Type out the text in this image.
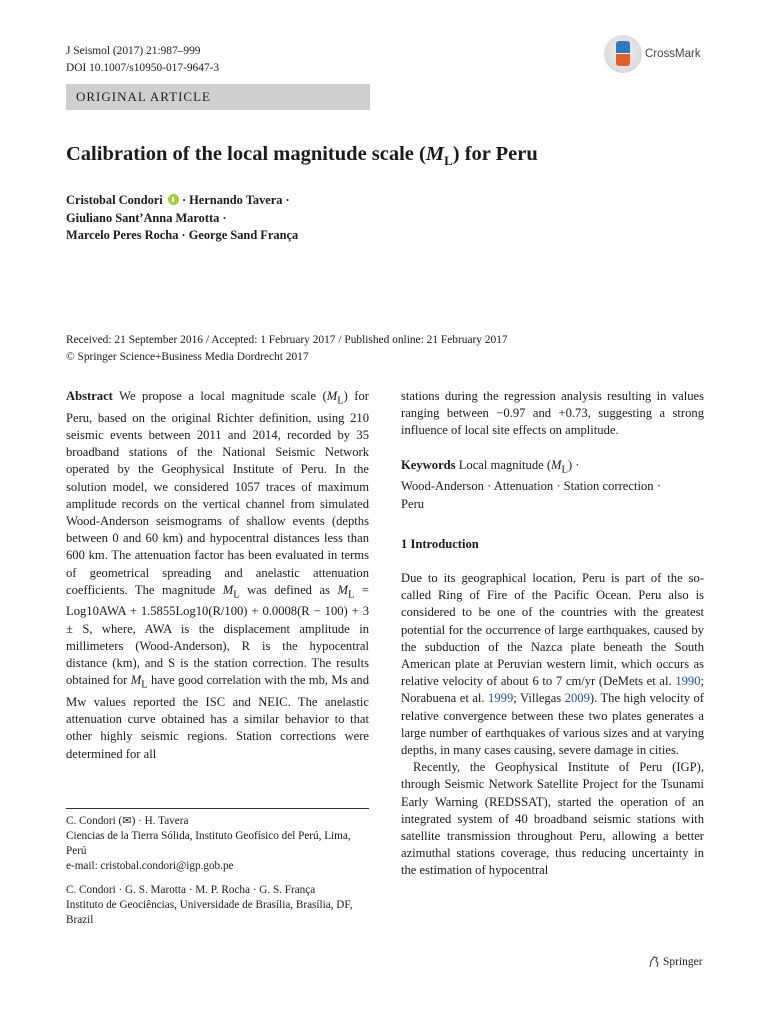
J Seismol (2017) 21:987–999
DOI 10.1007/s10950-017-9647-3
CrossMark
ORIGINAL ARTICLE
Calibration of the local magnitude scale $(M_L)$ for Peru
Cristobal Condori  · Hernando Tavera ·
Giuliano Sant’Anna Marotta ·
Marcelo Peres Rocha · George Sand França
Received: 21 September 2016 / Accepted: 1 February 2017 / Published online: 21 February 2017
© Springer Science+Business Media Dordrecht 2017

Abstract We propose a local magnitude scale $(M_L)$ for Peru, based on the original Richter definition, using 210 seismic events between 2011 and 2014, recorded by 35 broadband stations of the National Seismic Network operated by the Geophysical Institute of Peru. In the solution model, we considered 1057 traces of maximum amplitude records on the vertical channel from simulated Wood-Anderson seismograms of shallow events (depths between 0 and 60 km) and hypocentral distances less than 600 km. The attenuation factor has been evaluated in terms of geometrical spreading and anelastic attenuation coefficients. The magnitude $M_L$ was defined as $M_L = Log10AWA + 1.5855Log10(R/100) + 0.0008(R - 100) + 3 \pm S$, where, AWA is the displacement amplitude in millimeters (Wood-Anderson), R is the hypocentral distance (km), and S is the station correction. The results obtained for $M_L$ have good correlation with the mb, Ms and Mw values reported the ISC and NEIC. The anelastic attenuation curve obtained has a similar behavior to that other highly seismic regions. Station corrections were determined for all

C. Condori (✉) · H. Tavera
Ciencias de la Tierra Sólida, Instituto Geofísico del Perú, Lima, Perú
e-mail: cristobal.condori@igp.gob.pe
C. Condori · G. S. Marotta · M. P. Rocha · G. S. França
Instituto de Geociências, Universidade de Brasília, Brasília, DF, Brazil

stations during the regression analysis resulting in values ranging between −0.97 and +0.73, suggesting a strong influence of local site effects on amplitude.

Keywords Local magnitude $(M_L)$ ·
Wood-Anderson · Attenuation · Station correction ·
Peru

1 Introduction

Due to its geographical location, Peru is part of the so-called Ring of Fire of the Pacific Ocean. Peru also is considered to be one of the countries with the greatest potential for the occurrence of large earthquakes, caused by the subduction of the Nazca plate beneath the South American plate at Peruvian western limit, which occurs as relative velocity of about 6 to 7 cm/yr (DeMets et al. 1990; Norabuena et al. 1999; Villegas 2009). The high velocity of relative convergence between these two plates generates a large number of earthquakes of various sizes and at varying depths, in many cases causing, severe damage in cities.

Recently, the Geophysical Institute of Peru (IGP), through Seismic Network Satellite Project for the Tsunami Early Warning (REDSSAT), started the operation of an integrated system of 40 broadband seismic stations with satellite transmission throughout Peru, allowing a better azimuthal stations coverage, thus reducing uncertainty in the estimation of hypocentral

Springer
